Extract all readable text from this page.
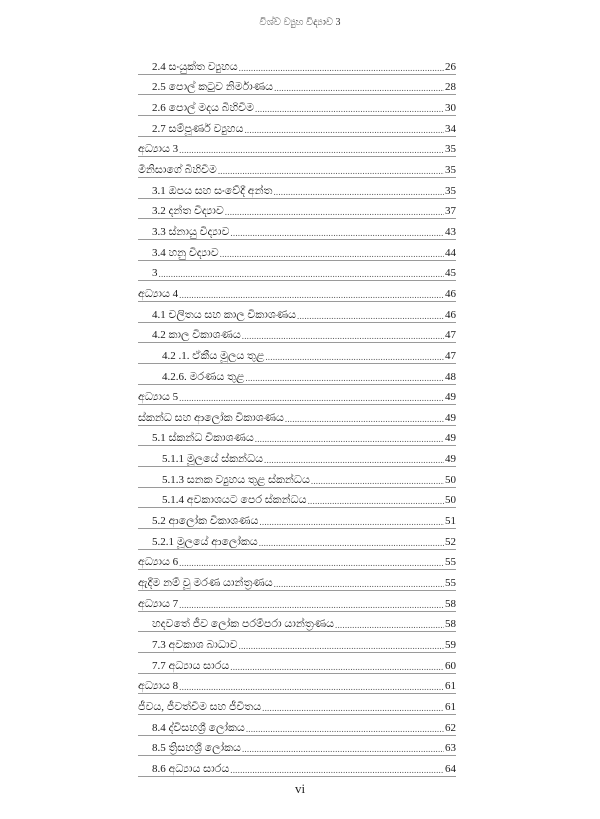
විශ්ව ව්‍යුහ විද්‍යාව 3
2.4 සංයුක්ත ව්‍යුහය .....	26
2.5 පොල් කටුව නිර්මාණය .....	28
2.6 පොල් මදය බිහිවීම .....	30
2.7 සම්පූර්ණ ව්‍යුහය .....	34
අධ්‍යාය 3 .....	35
මිනිසාගේ බිහිවීම .....	35
3.1 ඔපය සහ සංවේදී අන්ත .....	35
3.2 දන්ත විද්‍යාව .....	37
3.3 ස්නායු විද්‍යාව .....	43
3.4 හනු විද්‍යාව .....	44
3 .....	45
අධ්‍යාය 4 .....	46
4.1 චලිතය සහ කාල විකාශණය .....	46
4.2 කාල විකාශණය .....	47
4.2 .1. ඒකීය මූලය තුළ .....	47
4.2.6. මරණය තුළ .....	48
අධ්‍යාය 5 .....	49
ස්කන්ධ සහ ආලෝක විකාශණය .....	49
5.1 ස්කන්ධ විකාශණය .....	49
5.1.1 මූලයේ ස්කන්ධය .....	49
5.1.3 සනක ව්‍යුහය තුළ ස්කන්ධය .....	50
5.1.4 අවකාශයට පෙර ස්කන්ධය .....	50
5.2 ආලෝක විකාශණය .....	51
5.2.1 මූලයේ ආලෝකය .....	52
අධ්‍යාය 6 .....	55
ඇදීම නම් වූ මරණ යාන්ත්‍රණය .....	55
අධ්‍යාය 7 .....	58
හදවතේ ජීව ලෝක පරම්පරා යාන්ත්‍රණය .....	58
7.3 අවකාශ බාධාව .....	59
7.7 අධ්‍යාය සාරය .....	60
අධ්‍යාය 8 .....	61
ජීවය, ජීවත්වීම සහ ජීවිතය .....	61
8.4 ද්විසහශ්‍රී ලෝකය .....	62
8.5 ත්‍රිසහශ්‍රී ලෝකය .....	63
8.6 අධ්‍යාය සාරය .....	64
vi
